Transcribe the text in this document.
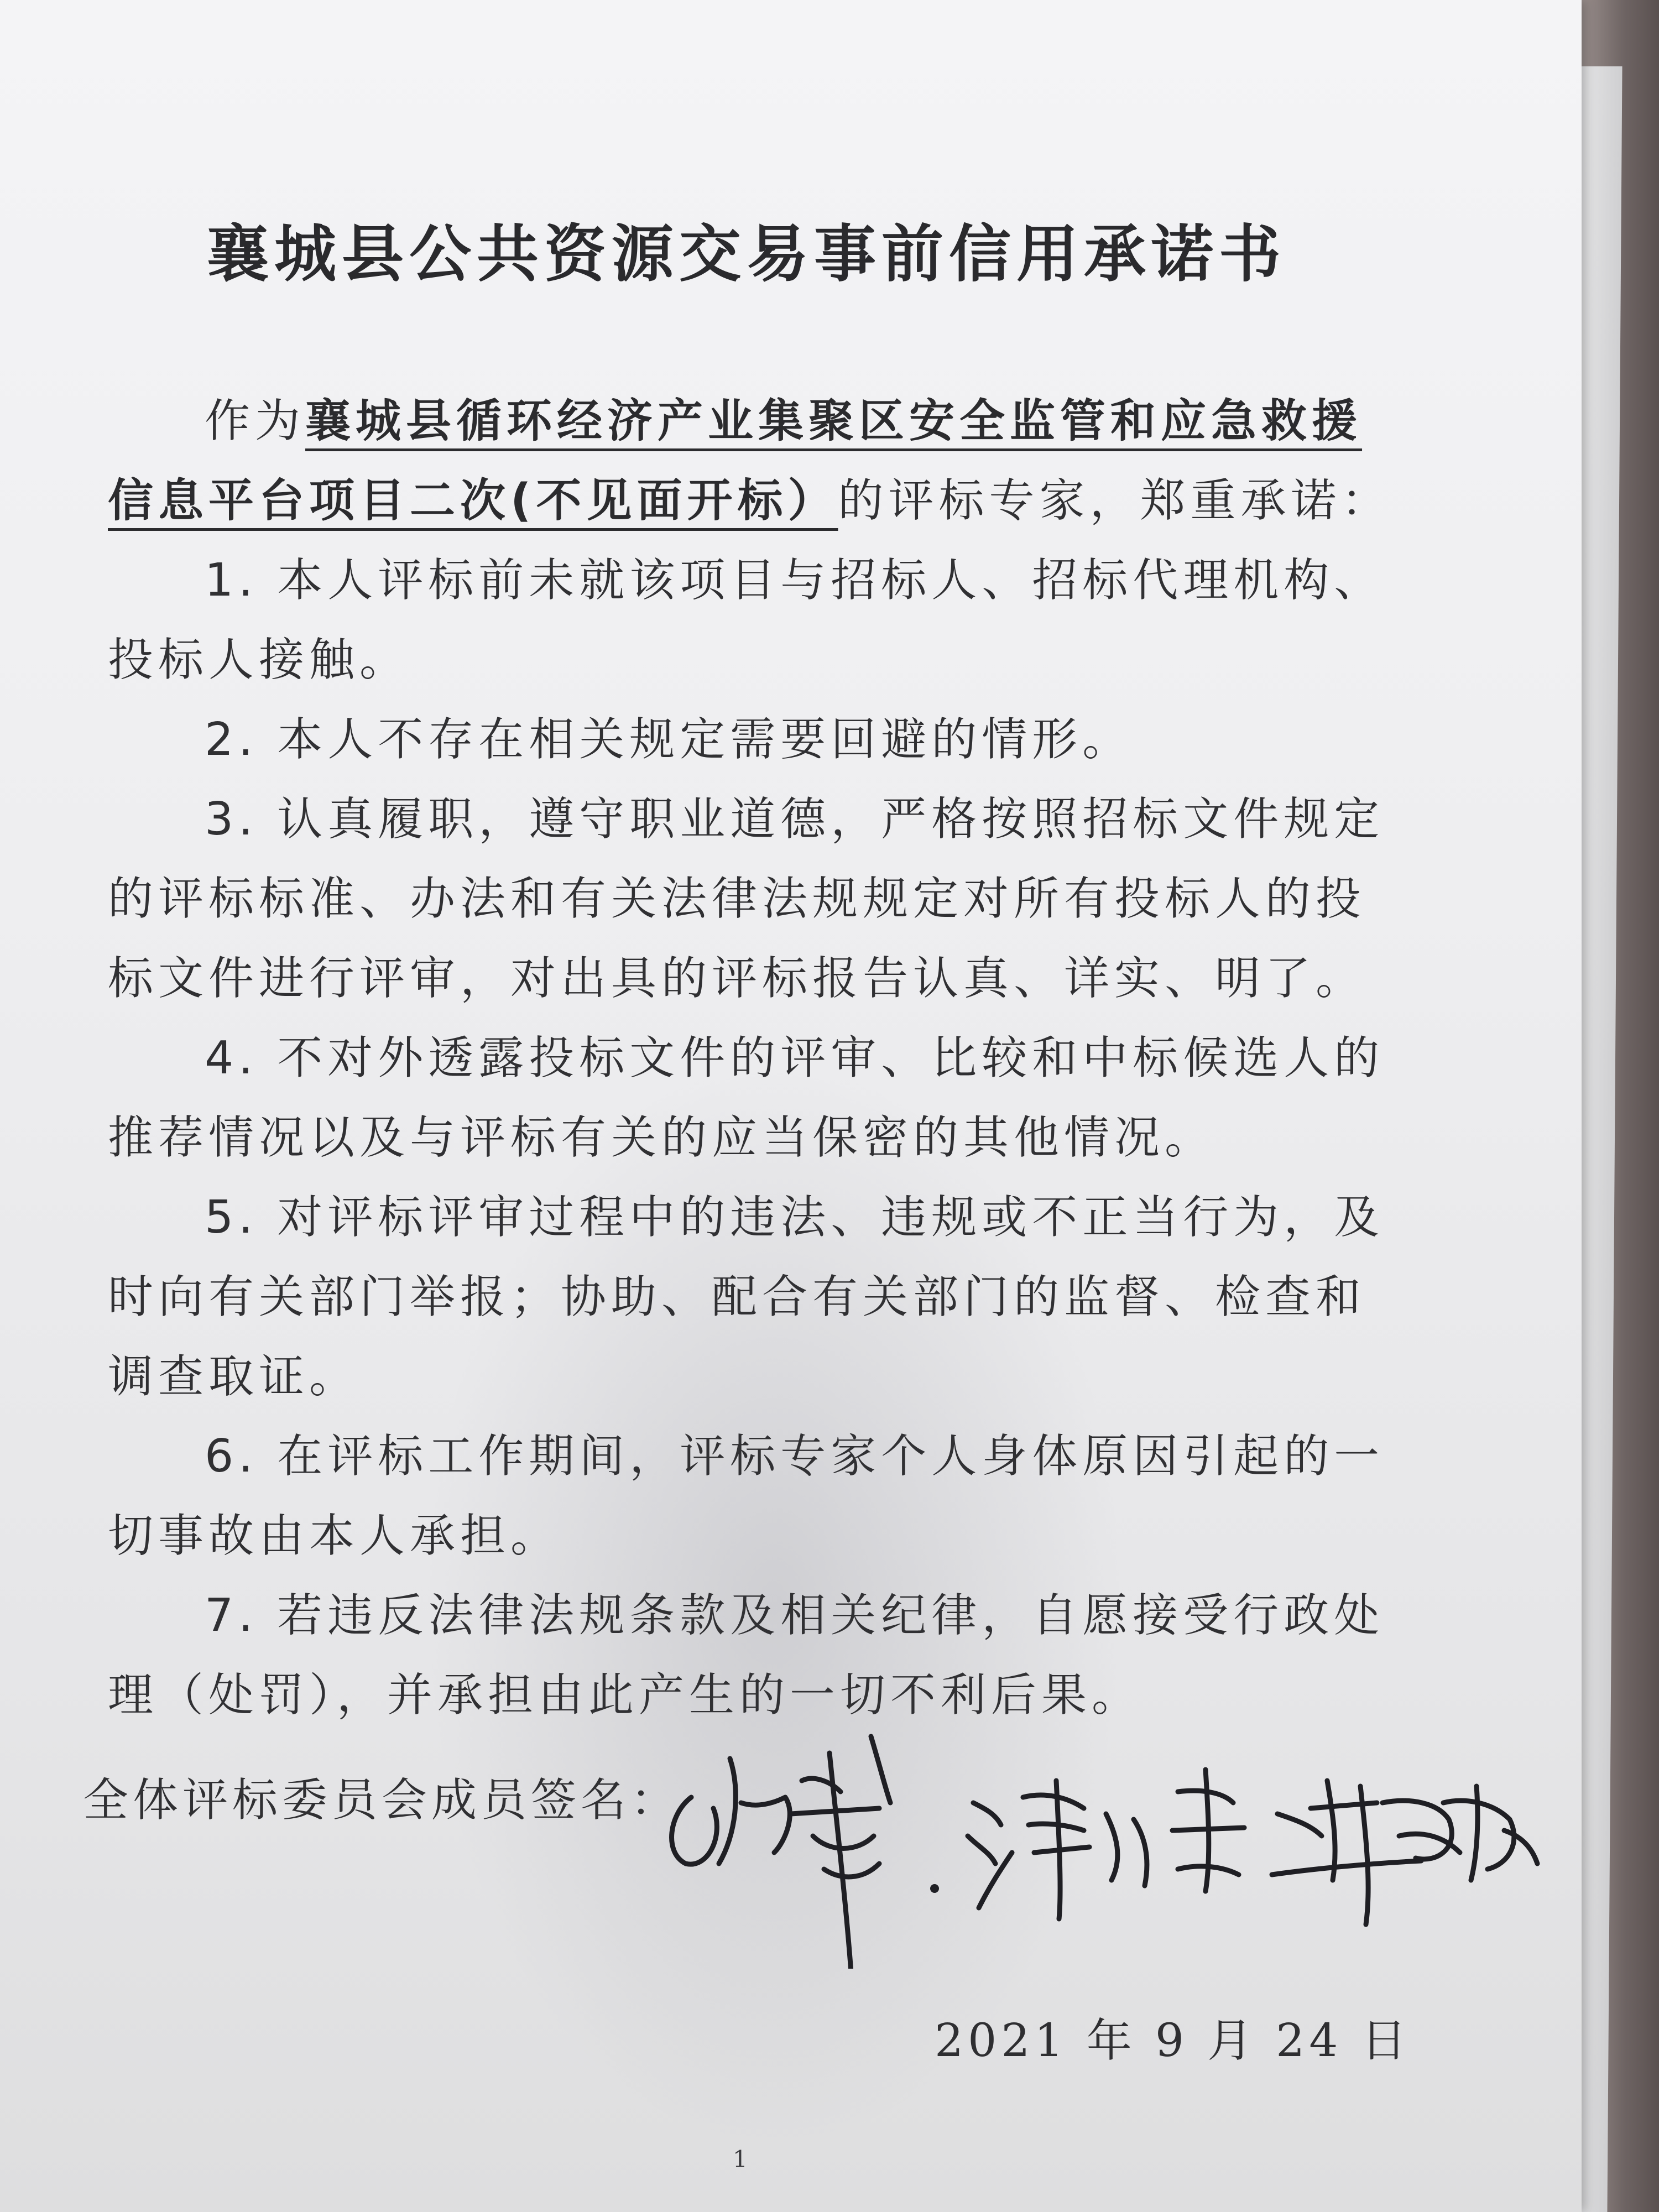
襄城县公共资源交易事前信用承诺书

作为襄城县循环经济产业集聚区安全监管和应急救援信息平台项目二次(不见面开标）的评标专家，郑重承诺：

1. 本人评标前未就该项目与招标人、招标代理机构、投标人接触。

2. 本人不存在相关规定需要回避的情形。

3. 认真履职，遵守职业道德，严格按照招标文件规定的评标标准、办法和有关法律法规规定对所有投标人的投标文件进行评审，对出具的评标报告认真、详实、明了。

4. 不对外透露投标文件的评审、比较和中标候选人的推荐情况以及与评标有关的应当保密的其他情况。

5. 对评标评审过程中的违法、违规或不正当行为，及时向有关部门举报；协助、配合有关部门的监督、检查和调查取证。

6. 在评标工作期间，评标专家个人身体原因引起的一切事故由本人承担。

7. 若违反法律法规条款及相关纪律，自愿接受行政处理（处罚），并承担由此产生的一切不利后果。

全体评标委员会成员签名：
2021 年 9 月 24 日
1
